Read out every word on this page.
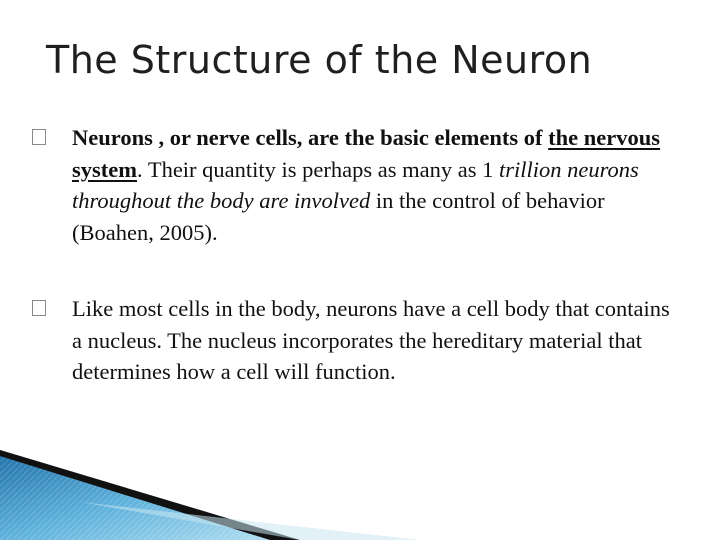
The Structure of the Neuron
Neurons , or nerve cells, are the basic elements of the nervous system. Their quantity is perhaps as many as 1 trillion neurons throughout the body are involved in the control of behavior (Boahen, 2005).
Like most cells in the body, neurons have a cell body that contains a nucleus. The nucleus incorporates the hereditary material that determines how a cell will function.
